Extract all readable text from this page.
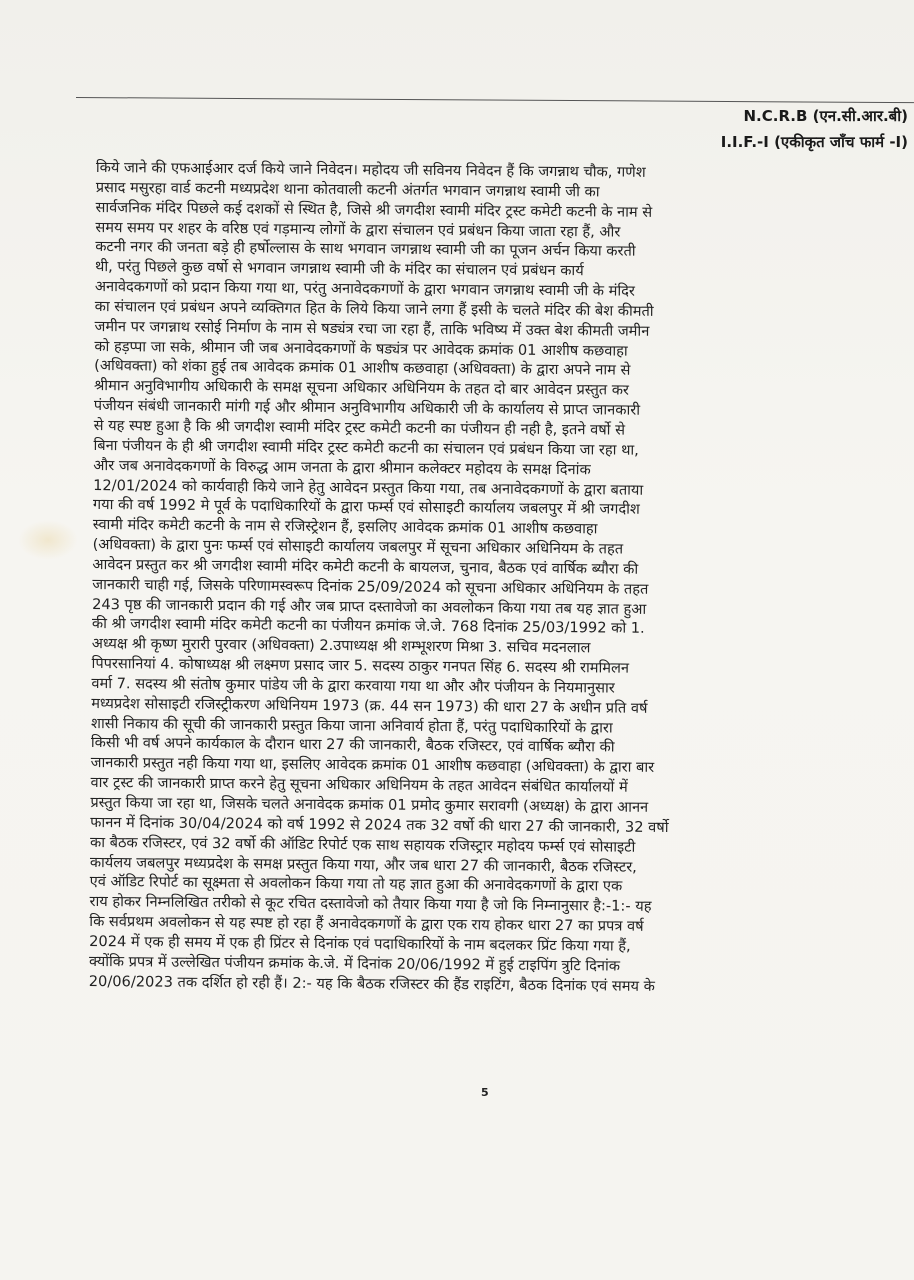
N.C.R.B (एन.सी.आर.बी)
I.I.F.-I (एकीकृत जाँच फार्म -I)
किये जाने की एफआईआर दर्ज किये जाने निवेदन। महोदय जी सविनय निवेदन हैं कि जगन्नाथ चौक, गणेश
प्रसाद मसुरहा वार्ड कटनी मध्यप्रदेश थाना कोतवाली कटनी अंतर्गत भगवान जगन्नाथ स्वामी जी का
सार्वजनिक मंदिर पिछले कई दशकों से स्थित है, जिसे श्री जगदीश स्वामी मंदिर ट्रस्ट कमेटी कटनी के नाम से
समय समय पर शहर के वरिष्ठ एवं गड़मान्य लोगों के द्वारा संचालन एवं प्रबंधन किया जाता रहा हैं, और
कटनी नगर की जनता बड़े ही हर्षोल्लास के साथ भगवान जगन्नाथ स्वामी जी का पूजन अर्चन किया करती
थी, परंतु पिछले कुछ वर्षो से भगवान जगन्नाथ स्वामी जी के मंदिर का संचालन एवं प्रबंधन कार्य
अनावेदकगणों को प्रदान किया गया था, परंतु अनावेदकगणों के द्वारा भगवान जगन्नाथ स्वामी जी के मंदिर
का संचालन एवं प्रबंधन अपने व्यक्तिगत हित के लिये किया जाने लगा हैं इसी के चलते मंदिर की बेश कीमती
जमीन पर जगन्नाथ रसोई निर्माण के नाम से षड्यंत्र रचा जा रहा हैं, ताकि भविष्य में उक्त बेश कीमती जमीन
को हड़प्पा जा सके, श्रीमान जी जब अनावेदकगणों के षड्यंत्र पर आवेदक क्रमांक 01 आशीष कछवाहा
(अधिवक्ता) को शंका हुई तब आवेदक क्रमांक 01 आशीष कछवाहा (अधिवक्ता) के द्वारा अपने नाम से
श्रीमान अनुविभागीय अधिकारी के समक्ष सूचना अधिकार अधिनियम के तहत दो बार आवेदन प्रस्तुत कर
पंजीयन संबंधी जानकारी मांगी गई और श्रीमान अनुविभागीय अधिकारी जी के कार्यालय से प्राप्त जानकारी
से यह स्पष्ट हुआ है कि श्री जगदीश स्वामी मंदिर ट्रस्ट कमेटी कटनी का पंजीयन ही नही है, इतने वर्षो से
बिना पंजीयन के ही श्री जगदीश स्वामी मंदिर ट्रस्ट कमेटी कटनी का संचालन एवं प्रबंधन किया जा रहा था,
और जब अनावेदकगणों के विरुद्ध आम जनता के द्वारा श्रीमान कलेक्टर महोदय के समक्ष दिनांक
12/01/2024 को कार्यवाही किये जाने हेतु आवेदन प्रस्तुत किया गया, तब अनावेदकगणों के द्वारा बताया
गया की वर्ष 1992 मे पूर्व के पदाधिकारियों के द्वारा फर्म्स एवं सोसाइटी कार्यालय जबलपुर में श्री जगदीश
स्वामी मंदिर कमेटी कटनी के नाम से रजिस्ट्रेशन हैं, इसलिए आवेदक क्रमांक 01 आशीष कछवाहा
(अधिवक्ता) के द्वारा पुनः फर्म्स एवं सोसाइटी कार्यालय जबलपुर में सूचना अधिकार अधिनियम के तहत
आवेदन प्रस्तुत कर श्री जगदीश स्वामी मंदिर कमेटी कटनी के बायलज, चुनाव, बैठक एवं वार्षिक ब्यौरा की
जानकारी चाही गई, जिसके परिणामस्वरूप दिनांक 25/09/2024 को सूचना अधिकार अधिनियम के तहत
243 पृष्ठ की जानकारी प्रदान की गई और जब प्राप्त दस्तावेजो का अवलोकन किया गया तब यह ज्ञात हुआ
की श्री जगदीश स्वामी मंदिर कमेटी कटनी का पंजीयन क्रमांक जे.जे. 768 दिनांक 25/03/1992 को 1.
अध्यक्ष श्री कृष्ण मुरारी पुरवार (अधिवक्ता) 2.उपाध्यक्ष श्री शम्भूशरण मिश्रा 3. सचिव मदनलाल
पिपरसानियां 4. कोषाध्यक्ष श्री लक्ष्मण प्रसाद जार 5. सदस्य ठाकुर गनपत सिंह 6. सदस्य श्री राममिलन
वर्मा 7. सदस्य श्री संतोष कुमार पांडेय जी के द्वारा करवाया गया था और और पंजीयन के नियमानुसार
मध्यप्रदेश सोसाइटी रजिस्ट्रीकरण अधिनियम 1973 (क्र. 44 सन 1973) की धारा 27 के अधीन प्रति वर्ष
शासी निकाय की सूची की जानकारी प्रस्तुत किया जाना अनिवार्य होता हैं, परंतु पदाधिकारियों के द्वारा
किसी भी वर्ष अपने कार्यकाल के दौरान धारा 27 की जानकारी, बैठक रजिस्टर, एवं वार्षिक ब्यौरा की
जानकारी प्रस्तुत नही किया गया था, इसलिए आवेदक क्रमांक 01 आशीष कछवाहा (अधिवक्ता) के द्वारा बार
वार ट्रस्ट की जानकारी प्राप्त करने हेतु सूचना अधिकार अधिनियम के तहत आवेदन संबंधित कार्यालयों में
प्रस्तुत किया जा रहा था, जिसके चलते अनावेदक क्रमांक 01 प्रमोद कुमार सरावगी (अध्यक्ष) के द्वारा आनन
फानन में दिनांक 30/04/2024 को वर्ष 1992 से 2024 तक 32 वर्षो की धारा 27 की जानकारी, 32 वर्षो
का बैठक रजिस्टर, एवं 32 वर्षो की ऑडिट रिपोर्ट एक साथ सहायक रजिस्ट्रार महोदय फर्म्स एवं सोसाइटी
कार्यलय जबलपुर मध्यप्रदेश के समक्ष प्रस्तुत किया गया, और जब धारा 27 की जानकारी, बैठक रजिस्टर,
एवं ऑडिट रिपोर्ट का सूक्ष्मता से अवलोकन किया गया तो यह ज्ञात हुआ की अनावेदकगणों के द्वारा एक
राय होकर निम्नलिखित तरीको से कूट रचित दस्तावेजो को तैयार किया गया है जो कि निम्नानुसार है:-1:- यह
कि सर्वप्रथम अवलोकन से यह स्पष्ट हो रहा हैं अनावेदकगणों के द्वारा एक राय होकर धारा 27 का प्रपत्र वर्ष
2024 में एक ही समय में एक ही प्रिंटर से दिनांक एवं पदाधिकारियों के नाम बदलकर प्रिंट किया गया हैं,
क्योंकि प्रपत्र में उल्लेखित पंजीयन क्रमांक के.जे. में दिनांक 20/06/1992 में हुई टाइपिंग त्रुटि दिनांक
20/06/2023 तक दर्शित हो रही हैं। 2:- यह कि बैठक रजिस्टर की हैंड राइटिंग, बैठक दिनांक एवं समय के
5
